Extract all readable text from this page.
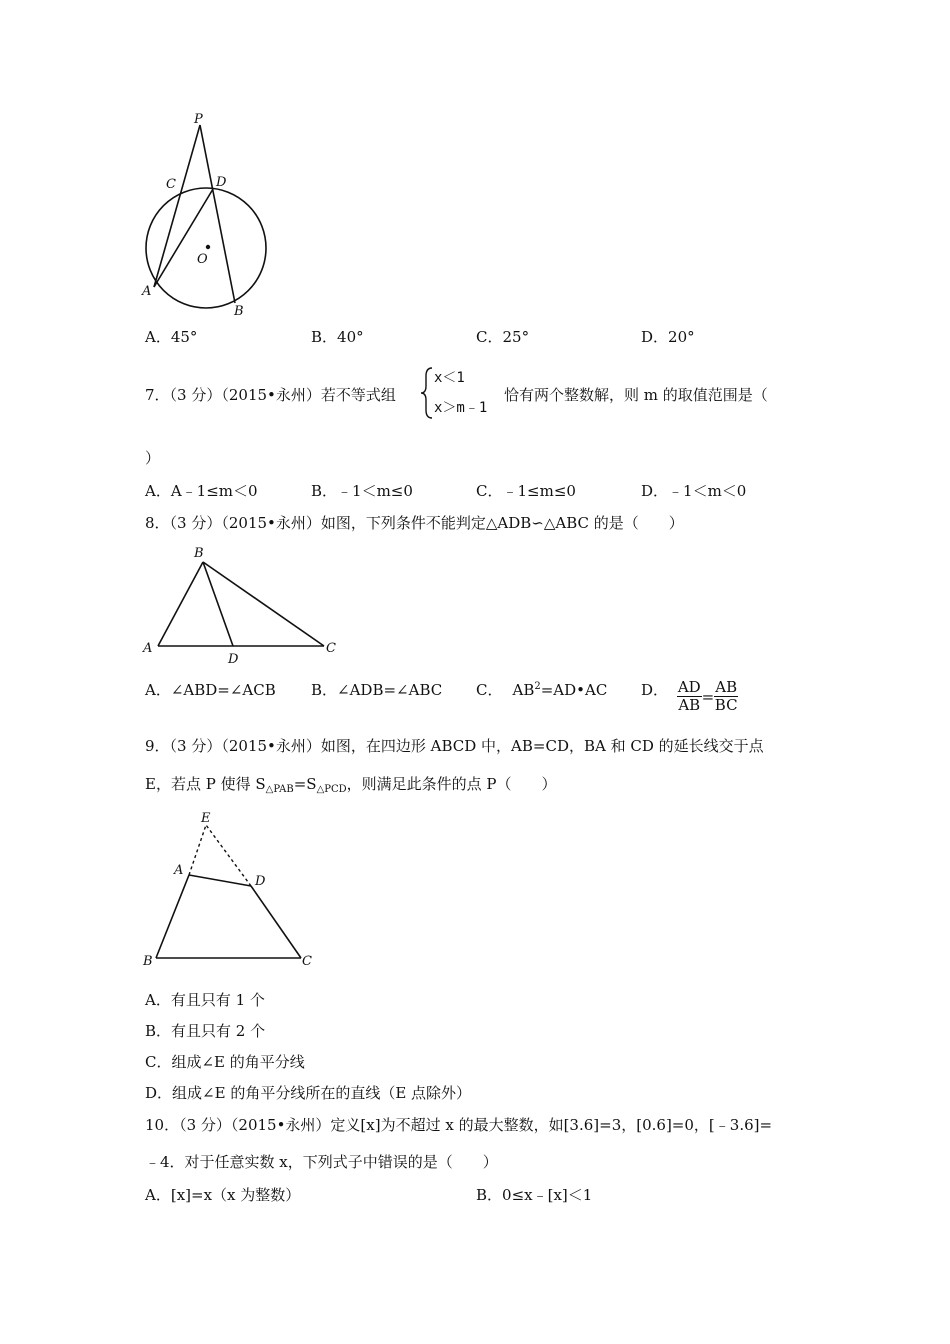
P
C	D
O
A
B
A．45°	B．40°	C．25°	D．20°
7．（3 分）（2015•永州）若不等式组
x＜1
x＞m﹣1
恰有两个整数解，则 m 的取值范围是（
）
A．A﹣1≤m＜0	B．﹣1＜m≤0	C．﹣1≤m≤0	D．﹣1＜m＜0
8．（3 分）（2015•永州）如图，下列条件不能判定△ADB∽△ABC 的是（　　）
B
A
D
C
A．∠ABD=∠ACB B．∠ADB=∠ABC C． $AB^2=AD•AC$ D． $\frac{AD}{AB} = \frac{AB}{BC}$
9．（3 分）（2015•永州）如图，在四边形 ABCD 中，AB=CD，BA 和 CD 的延长线交于点
E，若点 P 使得 $S_{\triangle PAB}=S_{\triangle PCD}$，则满足此条件的点 P（　　）
E
A
D
B	C
A．有且只有 1 个
B．有且只有 2 个
C．组成∠E 的角平分线
D．组成∠E 的角平分线所在的直线（E 点除外）
10．（3 分）（2015•永州）定义[x]为不超过 x 的最大整数，如[3.6]=3，[0.6]=0，[﹣3.6]=
﹣4．对于任意实数 x，下列式子中错误的是（　　）
A．[x]=x（x 为整数）	B．0≤x﹣[x]＜1
